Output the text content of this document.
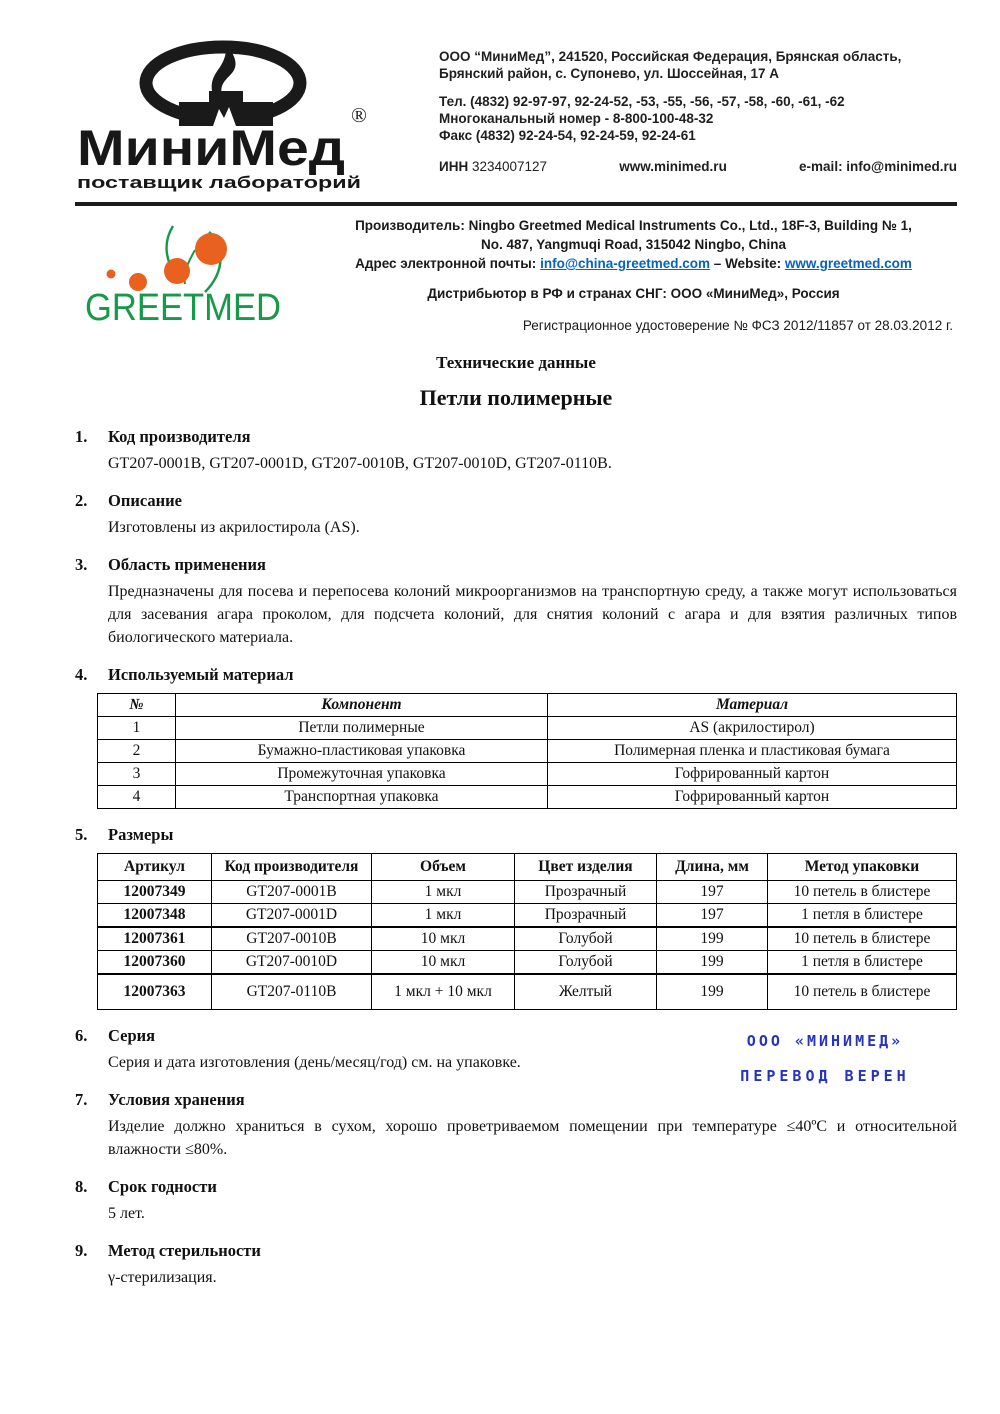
МиниМед
®
поставщик лабораторий
ООО “МиниМед”, 241520, Российская Федерация, Брянская область,
Брянский район, с. Супонево, ул. Шоссейная, 17 А
Тел. (4832) 92-97-97, 92-24-52, -53, -55, -56, -57, -58, -60, -61, -62
Многоканальный номер - 8-800-100-48-32
Факс (4832) 92-24-54, 92-24-59, 92-24-61
ИНН 3234007127	www.minimed.ru	e-mail: info@minimed.ru
GREETMED
Производитель: Ningbo Greetmed Medical Instruments Co., Ltd., 18F-3, Building № 1,
No. 487, Yangmuqi Road, 315042 Ningbo, China
Адрес электронной почты: info@china-greetmed.com – Website: www.greetmed.com
Дистрибьютор в РФ и странах СНГ: ООО «МиниМед», Россия
Регистрационное удостоверение № ФСЗ 2012/11857 от 28.03.2012 г.
Технические данные
Петли полимерные
1.	Код производителя
GT207-0001B, GT207-0001D, GT207-0010B, GT207-0010D, GT207-0110B.
2.	Описание
Изготовлены из акрилостирола (AS).
3.	Область применения
Предназначены для посева и перепосева колоний микроорганизмов на транспортную среду, а также могут использоваться для засевания агара проколом, для подсчета колоний, для снятия колоний с агара и для взятия различных типов биологического материала.
4.	Используемый материал
№	Компонент	Материал
1	Петли полимерные	AS (акрилостирол)
2	Бумажно-пластиковая упаковка	Полимерная пленка и пластиковая бумага
3	Промежуточная упаковка	Гофрированный картон
4	Транспортная упаковка	Гофрированный картон
5.	Размеры
Артикул	Код производителя	Объем	Цвет изделия	Длина, мм	Метод упаковки
12007349	GT207-0001B	1 мкл	Прозрачный	197	10 петель в блистере
12007348	GT207-0001D	1 мкл	Прозрачный	197	1 петля в блистере
12007361	GT207-0010B	10 мкл	Голубой	199	10 петель в блистере
12007360	GT207-0010D	10 мкл	Голубой	199	1 петля в блистере
12007363	GT207-0110B	1 мкл + 10 мкл	Желтый	199	10 петель в блистере
6.	Серия
Серия и дата изготовления (день/месяц/год) см. на упаковке.
ООО «МИНИМЕД»
ПЕРЕВОД ВЕРЕН
7.	Условия хранения
Изделие должно храниться в сухом, хорошо проветриваемом помещении при температуре ≤40ºС и относительной влажности ≤80%.
8.	Срок годности
5 лет.
9.	Метод стерильности
γ-стерилизация.
